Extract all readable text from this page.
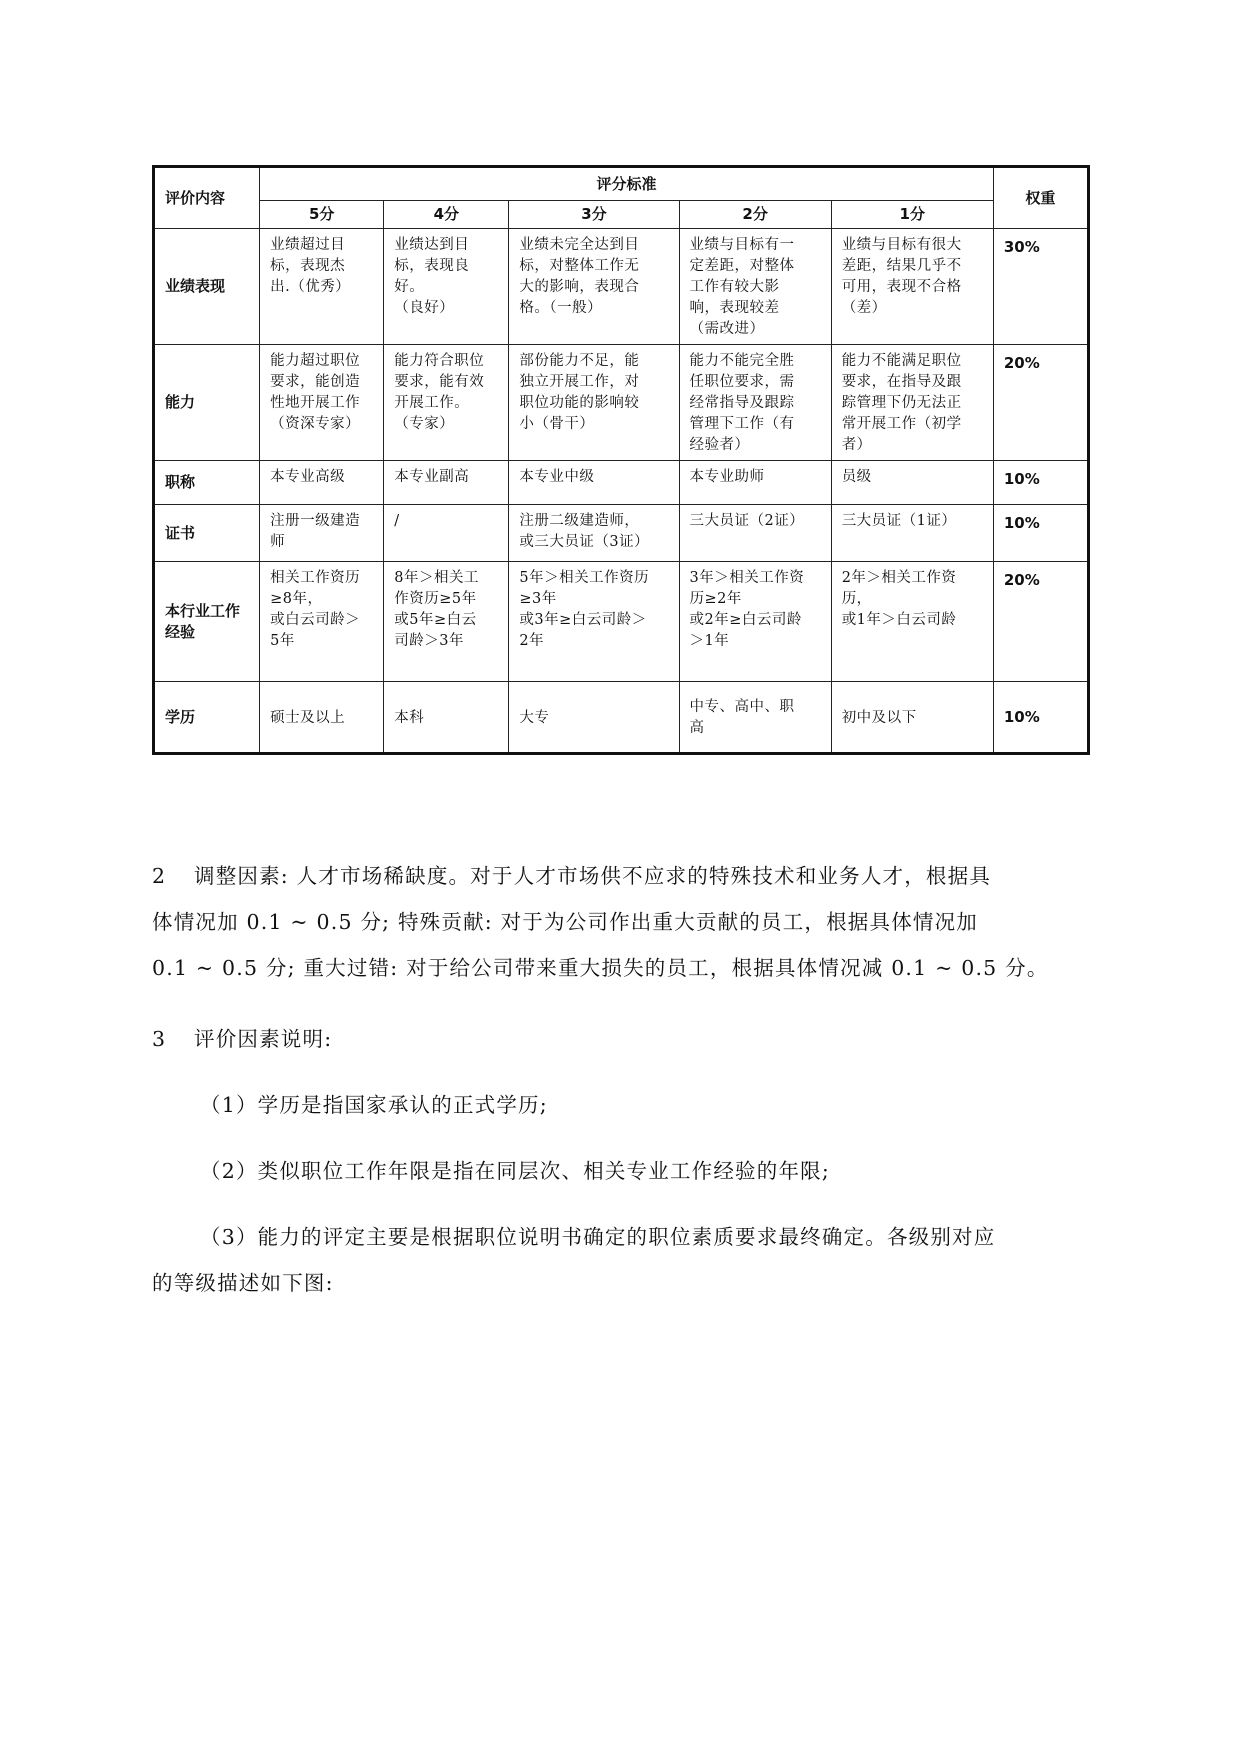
评价内容	评分标准					权重
	5分	4分	3分	2分	1分	

业绩表现	业绩超过目
标，表现杰
出.（优秀）	业绩达到目
标，表现良好。
（良好）	业绩未完全达到目
标，对整体工作无
大的影响，表现合
格。（一般）	业绩与目标有一
定差距，对整体
工作有较大影
响，表现较差
（需改进）	业绩与目标有很大
差距，结果几乎不
可用，表现不合格
（差）	30%

能力	能力超过职位
要求，能创造
性地开展工作
（资深专家）	能力符合职位
要求，能有效
开展工作。
（专家）	部份能力不足，能
独立开展工作，对
职位功能的影响较
小（骨干）	能力不能完全胜
任职位要求，需
经常指导及跟踪
管理下工作（有
经验者）	能力不能满足职位
要求，在指导及跟
踪管理下仍无法正
常开展工作（初学
者）	20%

职称	本专业高级	本专业副高	本专业中级	本专业助师	员级	10%

证书	注册一级建造
师	/	注册二级建造师，
或三大员证（3证）	三大员证（2证）	三大员证（1证）	10%

本行业工作
经验	相关工作资历
≥8年，
或白云司龄＞
5年	8年＞相关工
作资历≥5年
或5年≥白云
司龄＞3年	5年＞相关工作资历
≥3年
或3年≥白云司龄＞
2年	3年＞相关工作资
历≥2年
或2年≥白云司龄
＞1年	2年＞相关工作资
历，
或1年＞白云司龄	20%

学历	硕士及以上	本科	大专	中专、高中、职
高	初中及以下	10%
2 调整因素: 人才市场稀缺度。对于人才市场供不应求的特殊技术和业务人才，根据具
体情况加 0.1 ~ 0.5 分; 特殊贡献: 对于为公司作出重大贡献的员工，根据具体情况加
0.1 ~ 0.5 分; 重大过错: 对于给公司带来重大损失的员工，根据具体情况减 0.1 ~ 0.5 分。
3 评价因素说明:
（1）学历是指国家承认的正式学历;
（2）类似职位工作年限是指在同层次、相关专业工作经验的年限;
（3）能力的评定主要是根据职位说明书确定的职位素质要求最终确定。各级别对应
的等级描述如下图:
